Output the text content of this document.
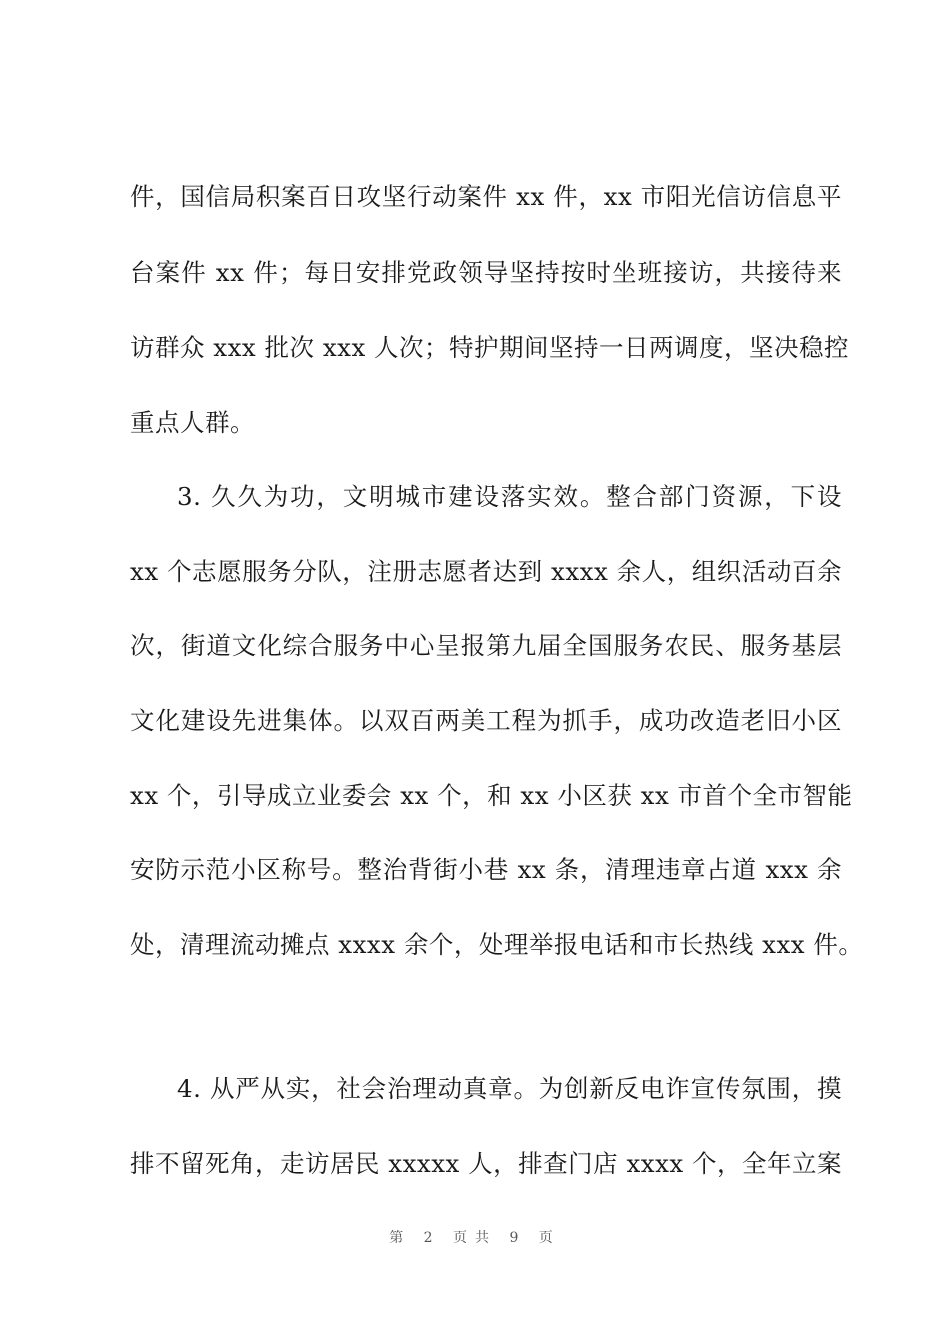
件，国信局积案百日攻坚行动案件 xx 件，xx 市阳光信访信息平
台案件 xx 件；每日安排党政领导坚持按时坐班接访，共接待来
访群众 xxx 批次 xxx 人次；特护期间坚持一日两调度，坚决稳控
重点人群。
3. 久久为功，文明城市建设落实效。整合部门资源，下设
xx 个志愿服务分队，注册志愿者达到 xxxx 余人，组织活动百余
次，街道文化综合服务中心呈报第九届全国服务农民、服务基层
文化建设先进集体。以双百两美工程为抓手，成功改造老旧小区
xx 个，引导成立业委会 xx 个，和 xx 小区获 xx 市首个全市智能
安防示范小区称号。整治背街小巷 xx 条，清理违章占道 xxx 余
处，清理流动摊点 xxxx 余个，处理举报电话和市长热线 xxx 件。
4. 从严从实，社会治理动真章。为创新反电诈宣传氛围，摸
排不留死角，走访居民 xxxxx 人，排查门店 xxxx 个，全年立案
第 2 页共 9 页
